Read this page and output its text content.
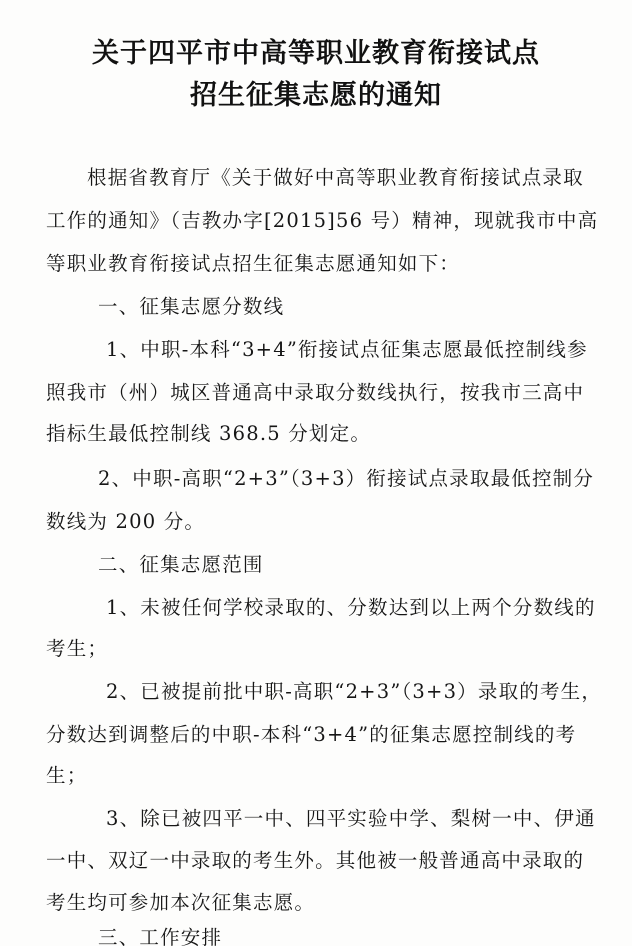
关于四平市中高等职业教育衔接试点
招生征集志愿的通知
根据省教育厅《关于做好中高等职业教育衔接试点录取
工作的通知》（吉教办字[2015]56 号）精神，现就我市中高
等职业教育衔接试点招生征集志愿通知如下：
一、征集志愿分数线
1、中职-本科“3+4”衔接试点征集志愿最低控制线参
照我市（州）城区普通高中录取分数线执行，按我市三高中
指标生最低控制线 368.5 分划定。
2、中职-高职“2+3”（3+3）衔接试点录取最低控制分
数线为 200 分。
二、征集志愿范围
1、未被任何学校录取的、分数达到以上两个分数线的
考生；
2、已被提前批中职-高职“2+3”（3+3）录取的考生，
分数达到调整后的中职-本科“3+4”的征集志愿控制线的考
生；
3、除已被四平一中、四平实验中学、梨树一中、伊通
一中、双辽一中录取的考生外。其他被一般普通高中录取的
考生均可参加本次征集志愿。
三、工作安排
